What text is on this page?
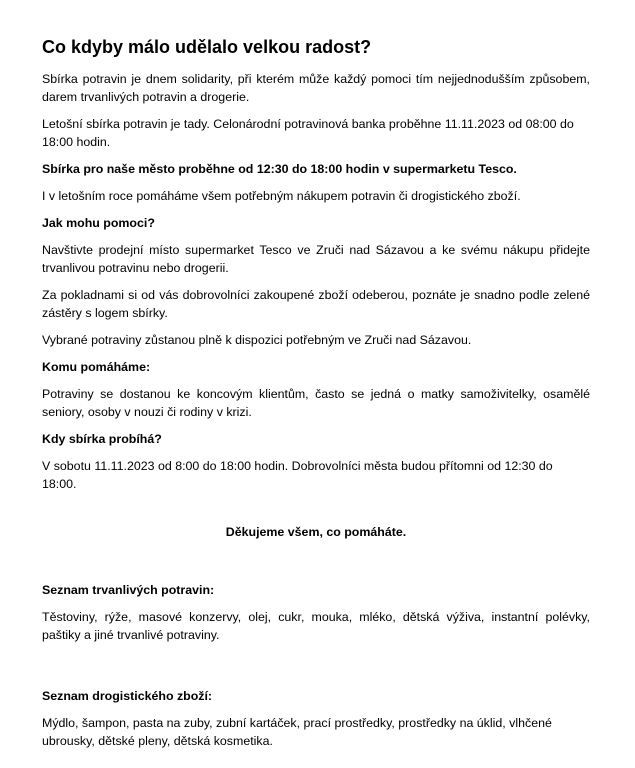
Co kdyby málo udělalo velkou radost?

Sbírka potravin je dnem solidarity, při kterém může každý pomoci tím nejjednodušším způsobem, darem trvanlivých potravin a drogerie.

Letošní sbírka potravin je tady. Celonárodní potravinová banka proběhne 11.11.2023 od 08:00 do 18:00 hodin.

Sbírka pro naše město proběhne od 12:30 do 18:00 hodin v supermarketu Tesco.

I v letošním roce pomáháme všem potřebným nákupem potravin či drogistického zboží.

Jak mohu pomoci?

Navštivte prodejní místo supermarket Tesco ve Zruči nad Sázavou a ke svému nákupu přidejte trvanlivou potravinu nebo drogerii.

Za pokladnami si od vás dobrovolníci zakoupené zboží odeberou, poznáte je snadno podle zelené zástěry s logem sbírky.

Vybrané potraviny zůstanou plně k dispozici potřebným ve Zruči nad Sázavou.

Komu pomáháme:

Potraviny se dostanou ke koncovým klientům, často se jedná o matky samoživitelky, osamělé seniory, osoby v nouzi či rodiny v krizi.

Kdy sbírka probíhá?

V sobotu 11.11.2023 od 8:00 do 18:00 hodin. Dobrovolníci města budou přítomni od 12:30 do 18:00.

Děkujeme všem, co pomáháte.

Seznam trvanlivých potravin:

Těstoviny, rýže, masové konzervy, olej, cukr, mouka, mléko, dětská výživa, instantní polévky, paštiky a jiné trvanlivé potraviny.

Seznam drogistického zboží:

Mýdlo, šampon, pasta na zuby, zubní kartáček, prací prostředky, prostředky na úklid, vlhčené ubrousky, dětské pleny, dětská kosmetika.
